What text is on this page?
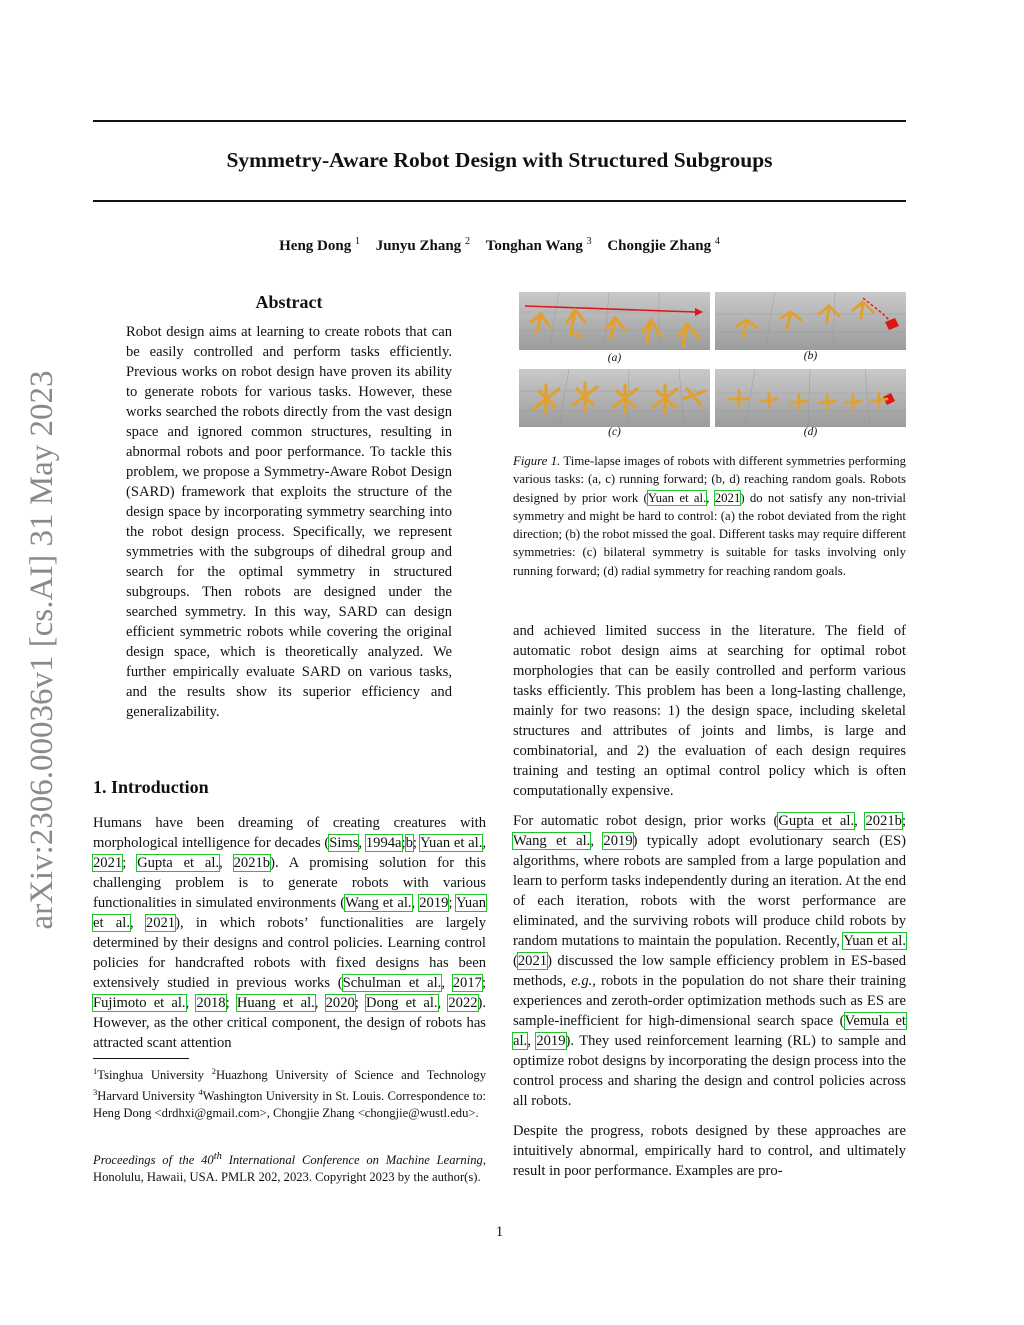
Symmetry-Aware Robot Design with Structured Subgroups
Heng Dong $^1$ Junyu Zhang $^2$ Tonghan Wang $^3$ Chongjie Zhang $^4$
arXiv:2306.00036v1 [cs.AI] 31 May 2023
Abstract
Robot design aims at learning to create robots that can be easily controlled and perform tasks efficiently. Previous works on robot design have proven its ability to generate robots for various tasks. However, these works searched the robots directly from the vast design space and ignored common structures, resulting in abnormal robots and poor performance. To tackle this problem, we propose a Symmetry-Aware Robot Design (SARD) framework that exploits the structure of the design space by incorporating symmetry searching into the robot design process. Specifically, we represent symmetries with the subgroups of dihedral group and search for the optimal symmetry in structured subgroups. Then robots are designed under the searched symmetry. In this way, SARD can design efficient symmetric robots while covering the original design space, which is theoretically analyzed. We further empirically evaluate SARD on various tasks, and the results show its superior efficiency and generalizability.
1. Introduction
Humans have been dreaming of creating creatures with morphological intelligence for decades (Sims, 1994a;b; Yuan et al., 2021; Gupta et al., 2021b). A promising solution for this challenging problem is to generate robots with various functionalities in simulated environments (Wang et al., 2019; Yuan et al., 2021), in which robots’ functionalities are largely determined by their designs and control policies. Learning control policies for handcrafted robots with fixed designs has been extensively studied in previous works (Schulman et al., 2017; Fujimoto et al., 2018; Huang et al., 2020; Dong et al., 2022). However, as the other critical component, the design of robots has attracted scant attention
$^1$Tsinghua University $^2$Huazhong University of Science and Technology $^3$Harvard University $^4$Washington University in St. Louis. Correspondence to: Heng Dong <drdhxi@gmail.com>, Chongjie Zhang <chongjie@wustl.edu>.
Proceedings of the 40th International Conference on Machine Learning, Honolulu, Hawaii, USA. PMLR 202, 2023. Copyright 2023 by the author(s).
(a)	(b)
(c)	(d)
Figure 1. Time-lapse images of robots with different symmetries performing various tasks: (a, c) running forward; (b, d) reaching random goals. Robots designed by prior work (Yuan et al., 2021) do not satisfy any non-trivial symmetry and might be hard to control: (a) the robot deviated from the right direction; (b) the robot missed the goal. Different tasks may require different symmetries: (c) bilateral symmetry is suitable for tasks involving only running forward; (d) radial symmetry for reaching random goals.

and achieved limited success in the literature. The field of automatic robot design aims at searching for optimal robot morphologies that can be easily controlled and perform various tasks efficiently. This problem has been a long-lasting challenge, mainly for two reasons: 1) the design space, including skeletal structures and attributes of joints and limbs, is large and combinatorial, and 2) the evaluation of each design requires training and testing an optimal control policy which is often computationally expensive.

For automatic robot design, prior works (Gupta et al., 2021b; Wang et al., 2019) typically adopt evolutionary search (ES) algorithms, where robots are sampled from a large population and learn to perform tasks independently during an iteration. At the end of each iteration, robots with the worst performance are eliminated, and the surviving robots will produce child robots by random mutations to maintain the population. Recently, Yuan et al. (2021) discussed the low sample efficiency problem in ES-based methods, e.g., robots in the population do not share their training experiences and zeroth-order optimization methods such as ES are sample-inefficient for high-dimensional search space (Vemula et al., 2019). They used reinforcement learning (RL) to sample and optimize robot designs by incorporating the design process into the control process and sharing the design and control policies across all robots.

Despite the progress, robots designed by these approaches are intuitively abnormal, empirically hard to control, and ultimately result in poor performance. Examples are pro-

1
